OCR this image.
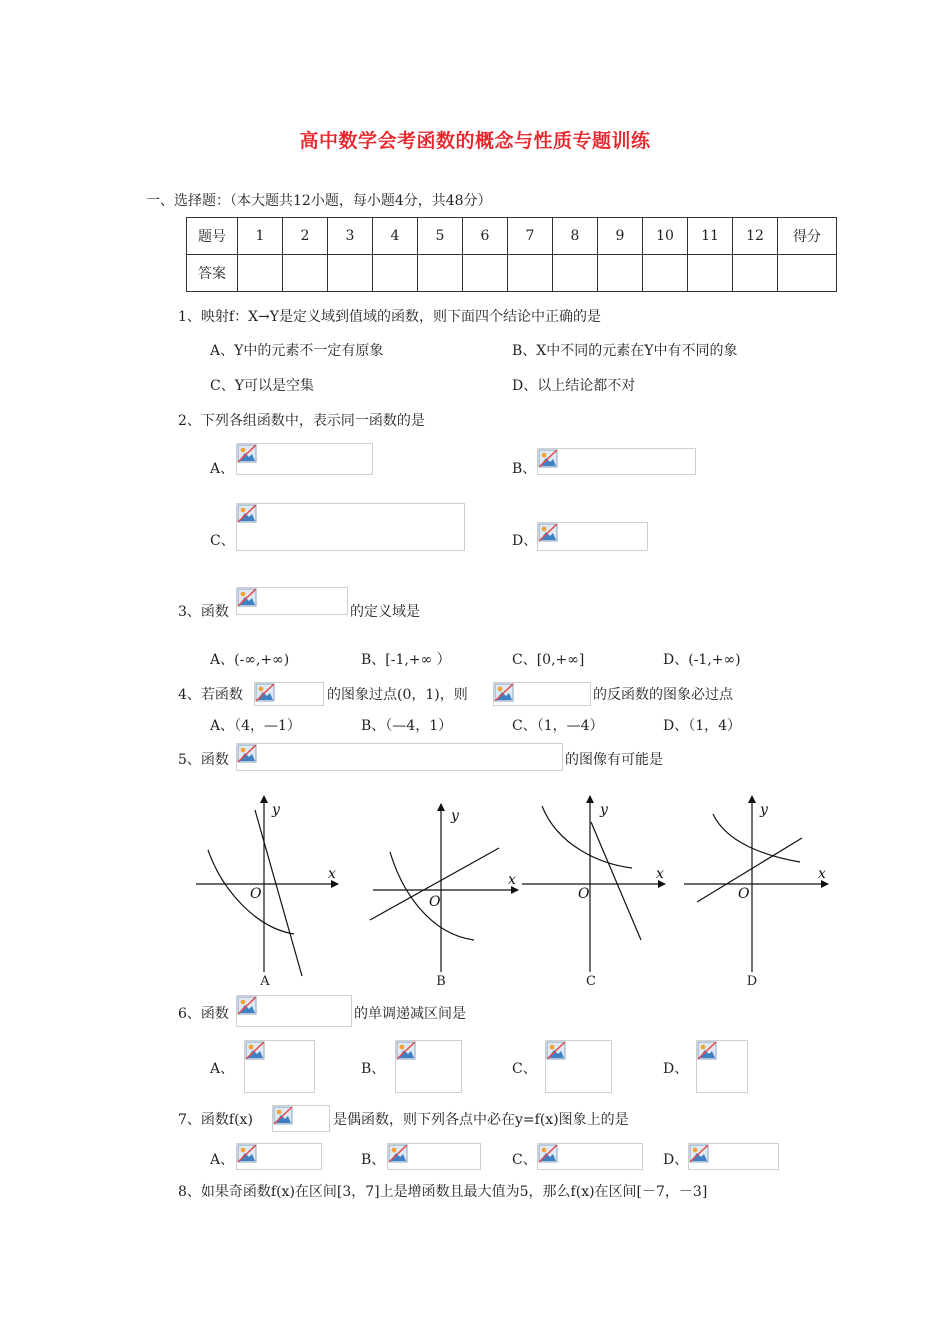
高中数学会考函数的概念与性质专题训练
一、选择题：（本大题共12小题，每小题4分，共48分）
题号	1	2	3	4	5	6	7	8	9	10	11	12	得分
答案													
1、映射f：X→Y是定义域到值域的函数，则下面四个结论中正确的是
A、Y中的元素不一定有原象	B、X中不同的元素在Y中有不同的象
C、Y可以是空集	D、以上结论都不对
2、下列各组函数中，表示同一函数的是
A、	B、
C、	D、
3、函数	的定义域是
A、(-∞,+∞)	B、[-1,+∞ ）	C、[0,+∞]	D、(-1,+∞)
4、若函数	的图象过点(0，1)，则	的反函数的图象必过点
A、（4，—1）	B、（—4，1）	C、（1，—4）	D、（1，4）
5、函数	的图像有可能是
y
x
O
y
x
O
y
x
O
y
x
O
A	B	C	D
6、函数	的单调递减区间是
A、	B、	C、	D、
7、函数f(x)	是偶函数，则下列各点中必在y=f(x)图象上的是
A、	B、	C、	D、
8、如果奇函数f(x)在区间[3，7]上是增函数且最大值为5，那么f(x)在区间[－7，－3]
